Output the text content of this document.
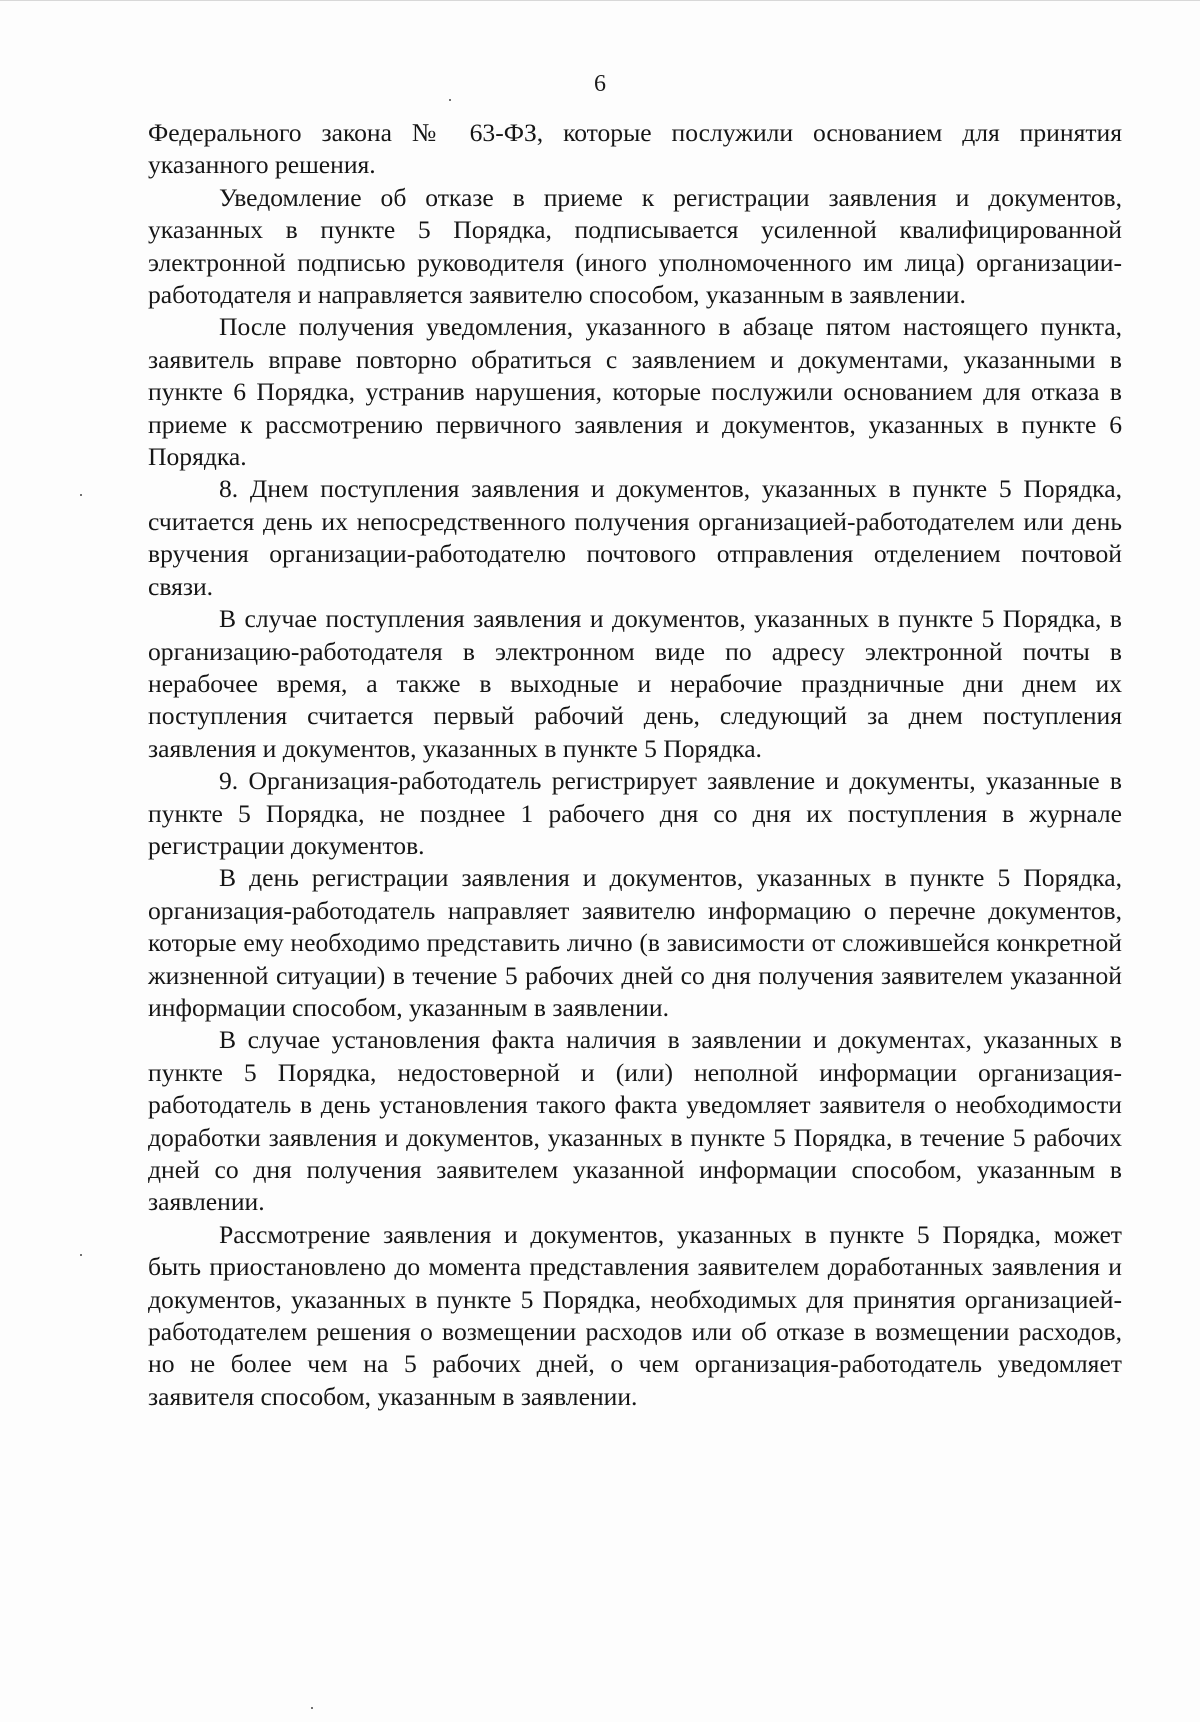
6

Федерального закона № 63-ФЗ, которые послужили основанием для принятия указанного решения.

Уведомление об отказе в приеме к регистрации заявления и документов, указанных в пункте 5 Порядка, подписывается усиленной квалифицированной электронной подписью руководителя (иного уполномоченного им лица) организации-работодателя и направляется заявителю способом, указанным в заявлении.

После получения уведомления, указанного в абзаце пятом настоящего пункта, заявитель вправе повторно обратиться с заявлением и документами, указанными в пункте 6 Порядка, устранив нарушения, которые послужили основанием для отказа в приеме к рассмотрению первичного заявления и документов, указанных в пункте 6 Порядка.

8. Днем поступления заявления и документов, указанных в пункте 5 Порядка, считается день их непосредственного получения организацией-работодателем или день вручения организации-работодателю почтового отправления отделением почтовой связи.

В случае поступления заявления и документов, указанных в пункте 5 Порядка, в организацию-работодателя в электронном виде по адресу электронной почты в нерабочее время, а также в выходные и нерабочие праздничные дни днем их поступления считается первый рабочий день, следующий за днем поступления заявления и документов, указанных в пункте 5 Порядка.

9. Организация-работодатель регистрирует заявление и документы, указанные в пункте 5 Порядка, не позднее 1 рабочего дня со дня их поступления в журнале регистрации документов.

В день регистрации заявления и документов, указанных в пункте 5 Порядка, организация-работодатель направляет заявителю информацию о перечне документов, которые ему необходимо представить лично (в зависимости от сложившейся конкретной жизненной ситуации) в течение 5 рабочих дней со дня получения заявителем указанной информации способом, указанным в заявлении.

В случае установления факта наличия в заявлении и документах, указанных в пункте 5 Порядка, недостоверной и (или) неполной информации организация-работодатель в день установления такого факта уведомляет заявителя о необходимости доработки заявления и документов, указанных в пункте 5 Порядка, в течение 5 рабочих дней со дня получения заявителем указанной информации способом, указанным в заявлении.

Рассмотрение заявления и документов, указанных в пункте 5 Порядка, может быть приостановлено до момента представления заявителем доработанных заявления и документов, указанных в пункте 5 Порядка, необходимых для принятия организацией-работодателем решения о возмещении расходов или об отказе в возмещении расходов, но не более чем на 5 рабочих дней, о чем организация-работодатель уведомляет заявителя способом, указанным в заявлении.
